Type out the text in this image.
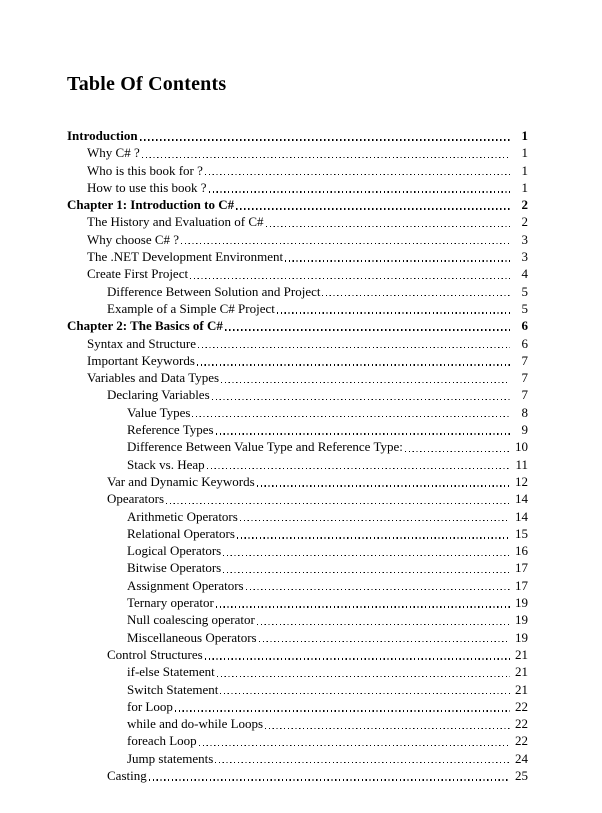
Table Of Contents
Introduction	1
Why C# ?	1
Who is this book for ?	1
How to use this book ?	1
Chapter 1: Introduction to C#	2
The History and Evaluation of C#	2
Why choose C# ?	3
The .NET Development Environment	3
Create First Project	4
Difference Between Solution and Project	5
Example of a Simple C# Project	5
Chapter 2: The Basics of C#	6
Syntax and Structure	6
Important Keywords	7
Variables and Data Types	7
Declaring Variables	7
Value Types	8
Reference Types	9
Difference Between Value Type and Reference Type:	10
Stack vs. Heap	11
Var and Dynamic Keywords	12
Opearators	14
Arithmetic Operators	14
Relational Operators	15
Logical Operators	16
Bitwise Operators	17
Assignment Operators	17
Ternary operator	19
Null coalescing operator	19
Miscellaneous Operators	19
Control Structures	21
if-else Statement	21
Switch Statement	21
for Loop	22
while and do-while Loops	22
foreach Loop	22
Jump statements	24
Casting	25
